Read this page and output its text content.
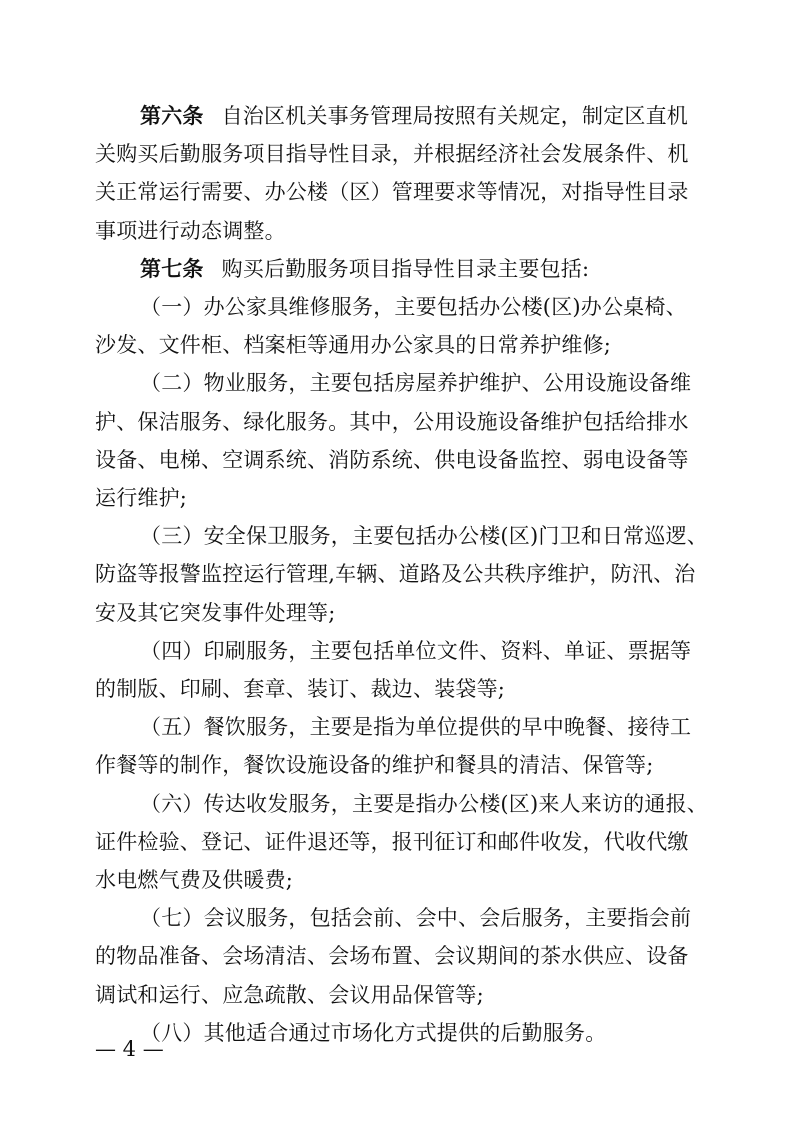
第六条 自治区机关事务管理局按照有关规定，制定区直机
关购买后勤服务项目指导性目录，并根据经济社会发展条件、机
关正常运行需要、办公楼（区）管理要求等情况，对指导性目录
事项进行动态调整。
第七条 购买后勤服务项目指导性目录主要包括:
（一）办公家具维修服务，主要包括办公楼(区)办公桌椅、
沙发、文件柜、档案柜等通用办公家具的日常养护维修;
（二）物业服务，主要包括房屋养护维护、公用设施设备维
护、保洁服务、绿化服务。其中，公用设施设备维护包括给排水
设备、电梯、空调系统、消防系统、供电设备监控、弱电设备等
运行维护;
（三）安全保卫服务，主要包括办公楼(区)门卫和日常巡逻、
防盗等报警监控运行管理,车辆、道路及公共秩序维护，防汛、治
安及其它突发事件处理等;
（四）印刷服务，主要包括单位文件、资料、单证、票据等
的制版、印刷、套章、装订、裁边、装袋等;
（五）餐饮服务，主要是指为单位提供的早中晚餐、接待工
作餐等的制作，餐饮设施设备的维护和餐具的清洁、保管等;
（六）传达收发服务，主要是指办公楼(区)来人来访的通报、
证件检验、登记、证件退还等，报刊征订和邮件收发，代收代缴
水电燃气费及供暖费;
（七）会议服务，包括会前、会中、会后服务，主要指会前
的物品准备、会场清洁、会场布置、会议期间的茶水供应、设备
— 4 —
调试和运行、应急疏散、会议用品保管等;
（八）其他适合通过市场化方式提供的后勤服务。
